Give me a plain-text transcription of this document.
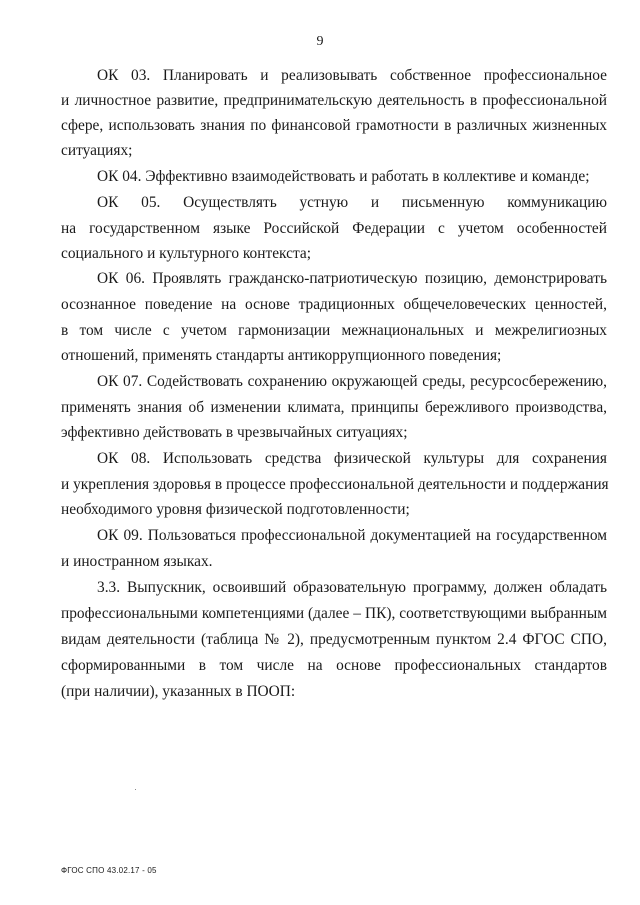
9
ОК 03. Планировать и реализовывать собственное профессиональное
и личностное развитие, предпринимательскую деятельность в профессиональной
сфере, использовать знания по финансовой грамотности в различных жизненных
ситуациях;
ОК 04. Эффективно взаимодействовать и работать в коллективе и команде;
ОК 05. Осуществлять устную и письменную коммуникацию
на государственном языке Российской Федерации с учетом особенностей
социального и культурного контекста;
ОК 06. Проявлять гражданско-патриотическую позицию, демонстрировать
осознанное поведение на основе традиционных общечеловеческих ценностей,
в том числе с учетом гармонизации межнациональных и межрелигиозных
отношений, применять стандарты антикоррупционного поведения;
ОК 07. Содействовать сохранению окружающей среды, ресурсосбережению,
применять знания об изменении климата, принципы бережливого производства,
эффективно действовать в чрезвычайных ситуациях;
ОК 08. Использовать средства физической культуры для сохранения
и укрепления здоровья в процессе профессиональной деятельности и поддержания
необходимого уровня физической подготовленности;
ОК 09. Пользоваться профессиональной документацией на государственном
и иностранном языках.
3.3. Выпускник, освоивший образовательную программу, должен обладать
профессиональными компетенциями (далее – ПК), соответствующими выбранным
видам деятельности (таблица № 2), предусмотренным пунктом 2.4 ФГОС СПО,
сформированными в том числе на основе профессиональных стандартов
(при наличии), указанных в ПООП:
ФГОС СПО 43.02.17 - 05
